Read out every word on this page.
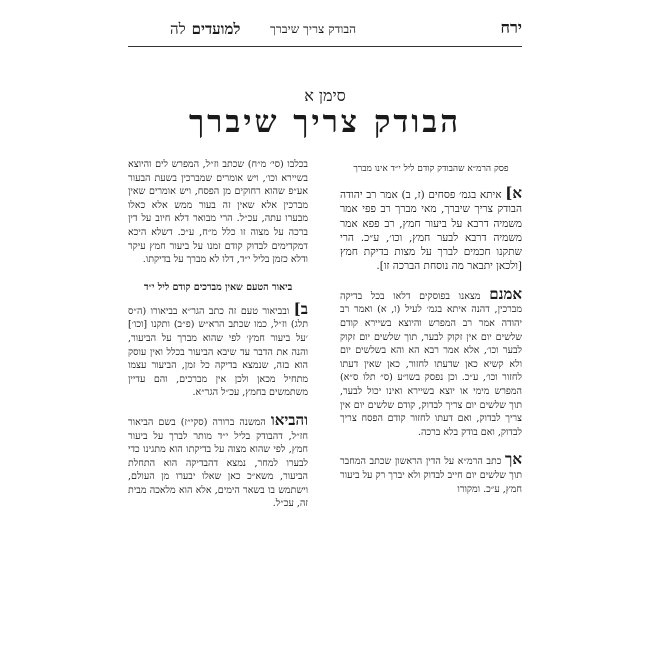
ירח
הבודק צריך שיברך
למועדיםלה
סימן א
הבודק צריך שיברך
פסק הרמ״א שהבודק קודם ליל י״ד אינו מברך

א] איתא בגמ׳ פסחים (ז, ב) אמר רב יהודה הבודק צריך שיברך, מאי מברך רב פפי אמר משמיה דרבא על ביעור חמץ, רב פפא אמר משמיה דרבא לבער חמץ, וכו׳, ע״כ. הרי שתקנו חכמים לברך על מצות בדיקת חמץ [ולכאן יתבאר מה נוסחת הברכה זו].

אמנם מצאנו בפוסקים דלאו בכל בדיקה מברכין, דהנה איתא בגמ׳ לעיל (ו, א) ואמר רב יהודה אמר רב המפרש והיוצא בשיירא קודם שלשים יום אין זקוק לבער, תוך שלשים יום זקוק לבער וכו׳, אלא אמר רבא הא והא בשלשים יום ולא קשיא כאן שדעתו לחזור, כאן שאין דעתו לחזור וכו׳, ע״כ. וכן נפסק בשו״ע (ס״ תלו ס״א) המפרש מימי או יוצא בשיירא ואינו יכול לבער, תוך שלשים יום צריך לבדוק, קודם שלשים יום אין צריך לבדוק, ואם דעתו לחזור קודם הפסח צריך לבדוק, ואם בודק בלא ברכה.

אך כתב הרמ״א על הדין הראשון שכתב המחבר תוך שלשים יום חייב לבדוק ולא יברך רק על ביעור חמץ, ע״כ. ומקורו

בכלבו (סי׳ מ״ח) שכתב וז״ל, המפרש לים והיוצא בשיירא וכו׳, ויש אומרים שמברכין בשעת הבעור אע״פ שהוא רחוקים מן הפסח, ויש אומרים שאין מברכין אלא שאין זה בעור ממש אלא כאלו מבערו עתה, עכ״ל. הרי מבואר דלא חיוב על דין ברכה על מצוה זו כלל מ״ח, ע״כ. דשלא היכא דמקדימים לבדוק קודם זמנו על ביעור חמץ עיקר ודלא כזמן בליל י״ד, דלו לא מברך על בדיקתו.

ביאור הטעם שאין מברכים קודם ליל י״ד

ב] ובביאור טעם זה כתב הגר״א בביאורו (ה״ס תלג) וז״ל, כמו שכתב הרא״ש (פ״ב) ותקנו [וכו׳] ׳על ביעור חמץ׳ לפי שהוא מברך על הביעור, והנה את הדבר עד שיבא הביעור בכלל ואין עוסק הוא בזה, שנמצא בדיקה כל זמן, הביעור עצמו מתחיל מכאן ולכן אין מברכים, והם עדיין משתמשים בחמץ, עכ״ל הגר״א.

והביאו המשנה ברורה (סקי״ז) בשם הביאור חז״ל, דהבודק בליל י״ד מותר לברך על ביעור חמץ, לפי שהוא מצוה על בדיקתו הוא מתגינו כדי לבערו למחר, נמצא דהבדיקה הוא התחלת הביעור, משא״כ כאן שאלו יבערו מן העולם, וישתמש בו בשאר הימים, אלא הוא מלאכה מבית זה, עכ״ל.
